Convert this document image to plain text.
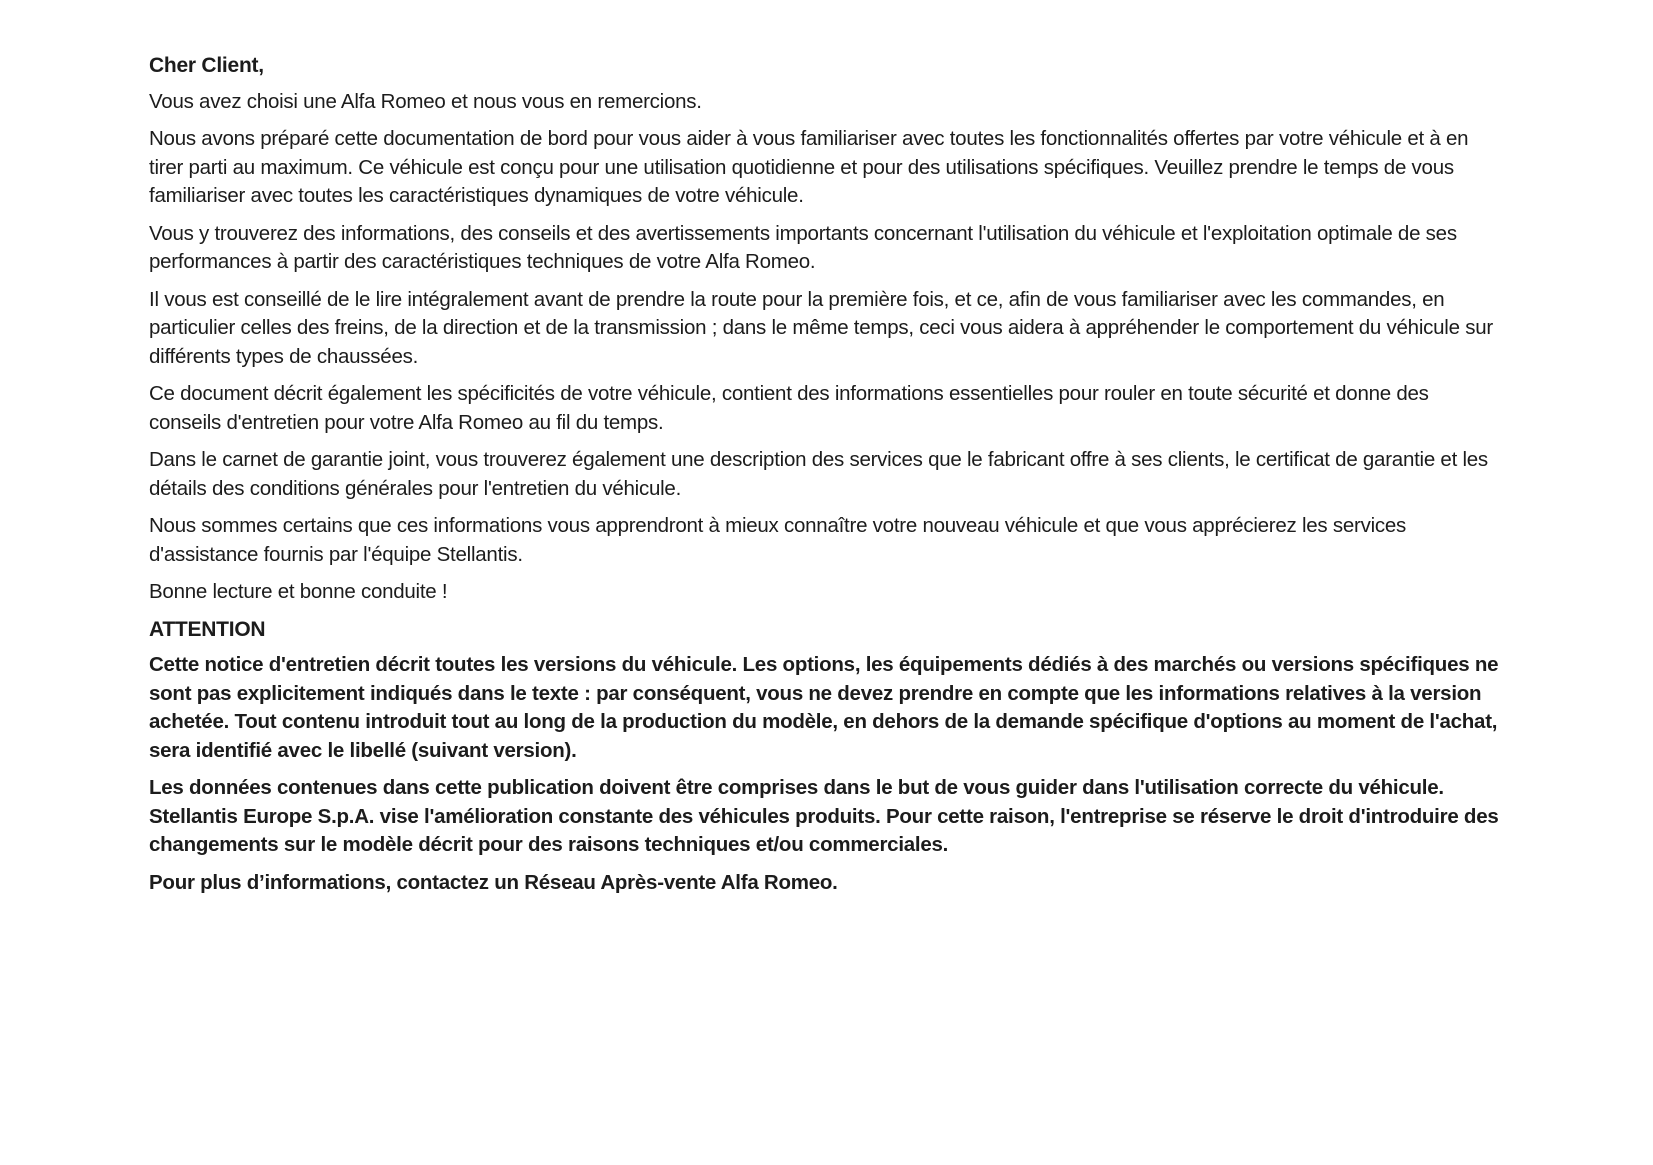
Cher Client,

Vous avez choisi une Alfa Romeo et nous vous en remercions.

Nous avons préparé cette documentation de bord pour vous aider à vous familiariser avec toutes les fonctionnalités offertes par votre véhicule et à en tirer parti au maximum. Ce véhicule est conçu pour une utilisation quotidienne et pour des utilisations spécifiques. Veuillez prendre le temps de vous familiariser avec toutes les caractéristiques dynamiques de votre véhicule.

Vous y trouverez des informations, des conseils et des avertissements importants concernant l'utilisation du véhicule et l'exploitation optimale de ses performances à partir des caractéristiques techniques de votre Alfa Romeo.

Il vous est conseillé de le lire intégralement avant de prendre la route pour la première fois, et ce, afin de vous familiariser avec les commandes, en particulier celles des freins, de la direction et de la transmission ; dans le même temps, ceci vous aidera à appréhender le comportement du véhicule sur différents types de chaussées.

Ce document décrit également les spécificités de votre véhicule, contient des informations essentielles pour rouler en toute sécurité et donne des conseils d'entretien pour votre Alfa Romeo au fil du temps.

Dans le carnet de garantie joint, vous trouverez également une description des services que le fabricant offre à ses clients, le certificat de garantie et les détails des conditions générales pour l'entretien du véhicule.

Nous sommes certains que ces informations vous apprendront à mieux connaître votre nouveau véhicule et que vous apprécierez les services d'assistance fournis par l'équipe Stellantis.

Bonne lecture et bonne conduite !

ATTENTION

Cette notice d'entretien décrit toutes les versions du véhicule. Les options, les équipements dédiés à des marchés ou versions spécifiques ne sont pas explicitement indiqués dans le texte : par conséquent, vous ne devez prendre en compte que les informations relatives à la version achetée. Tout contenu introduit tout au long de la production du modèle, en dehors de la demande spécifique d'options au moment de l'achat, sera identifié avec le libellé (suivant version).

Les données contenues dans cette publication doivent être comprises dans le but de vous guider dans l'utilisation correcte du véhicule. Stellantis Europe S.p.A. vise l'amélioration constante des véhicules produits. Pour cette raison, l'entreprise se réserve le droit d'introduire des changements sur le modèle décrit pour des raisons techniques et/ou commerciales.

Pour plus d’informations, contactez un Réseau Après-vente Alfa Romeo.
